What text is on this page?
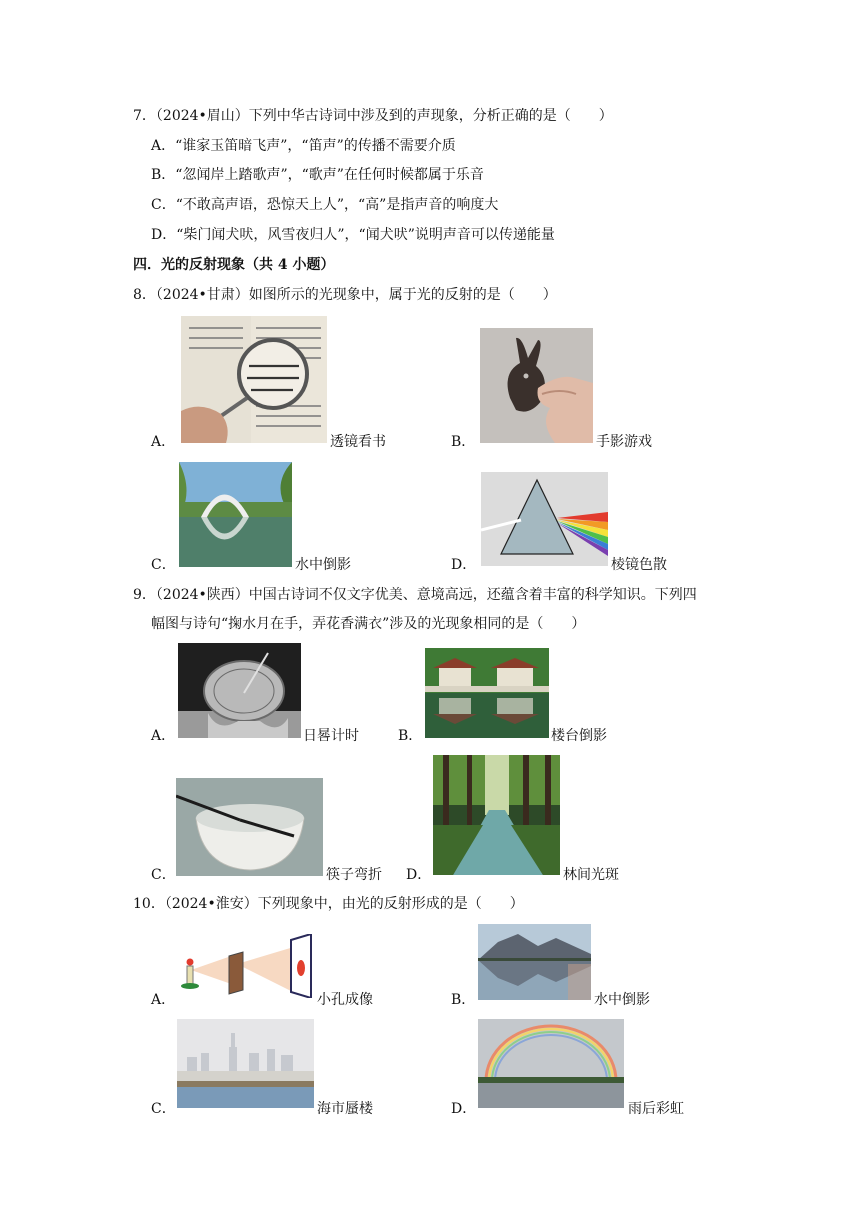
7．（2024•眉山）下列中华古诗词中涉及到的声现象，分析正确的是（　　）
A．“谁家玉笛暗飞声”，“笛声”的传播不需要介质
B．“忽闻岸上踏歌声”，“歌声”在任何时候都属于乐音
C．“不敢高声语，恐惊天上人”，“高”是指声音的响度大
D．“柴门闻犬吠，风雪夜归人”，“闻犬吠”说明声音可以传递能量
四．光的反射现象（共 4 小题）
8．（2024•甘肃）如图所示的光现象中，属于光的反射的是（　　）
A．	透镜看书	B．	手影游戏
C．	水中倒影	D．	棱镜色散
9．（2024•陕西）中国古诗词不仅文字优美、意境高远，还蕴含着丰富的科学知识。下列四
幅图与诗句“掬水月在手，弄花香满衣”涉及的光现象相同的是（　　）
A．	日晷计时	B．	楼台倒影
C．	筷子弯折 D．	林间光斑
10．（2024•淮安）下列现象中，由光的反射形成的是（　　）
A．	小孔成像	B．	水中倒影
C．	海市蜃楼	D．	雨后彩虹
